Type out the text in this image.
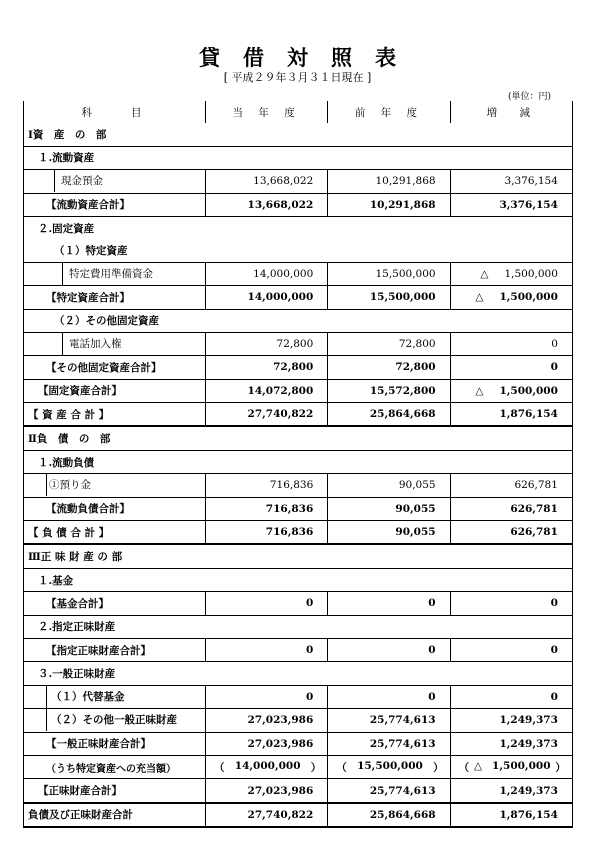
貸借対照表
[ 平成２９年３月３１日現在 ]
(単位：円)
科　　目	当 年 度	前 年 度	増　減
Ⅰ資　産　の　部			
１.流動資産			

現金預金	13,668,022	10,291,868	3,376,154
【流動資産合計】	13,668,022	10,291,868	3,376,154
２.固定資産			
（１）特定資産			

特定費用準備資金	14,000,000	15,500,000	△ 1,500,000
【特定資産合計】	14,000,000	15,500,000	△ 1,500,000
（２）その他固定資産			

電話加入権	72,800	72,800	0
【その他固定資産合計】	72,800	72,800	0
【固定資産合計】	14,072,800	15,572,800	△ 1,500,000
【 資 産 合 計 】	27,740,822	25,864,668	1,876,154
Ⅱ負　債　の　部			
１.流動負債			

①預り金	716,836	90,055	626,781
【流動負債合計】	716,836	90,055	626,781
【 負 債 合 計 】	716,836	90,055	626,781
Ⅲ正 味 財 産 の 部			
１.基金			
【基金合計】	0	0	0
２.指定正味財産			
【指定正味財産合計】	0	0	0
３.一般正味財産			

（１）代替基金	0	0	0

（２）その他一般正味財産	27,023,986	25,774,613	1,249,373
【一般正味財産合計】	27,023,986	25,774,613	1,249,373
（うち特定資産への充当額）	（ 14,000,000 ）	（ 15,500,000 ）	（ △ 1,500,000 ）

【正味財産合計】	27,023,986	25,774,613	1,249,373
負債及び正味財産合計	27,740,822	25,864,668	1,876,154
